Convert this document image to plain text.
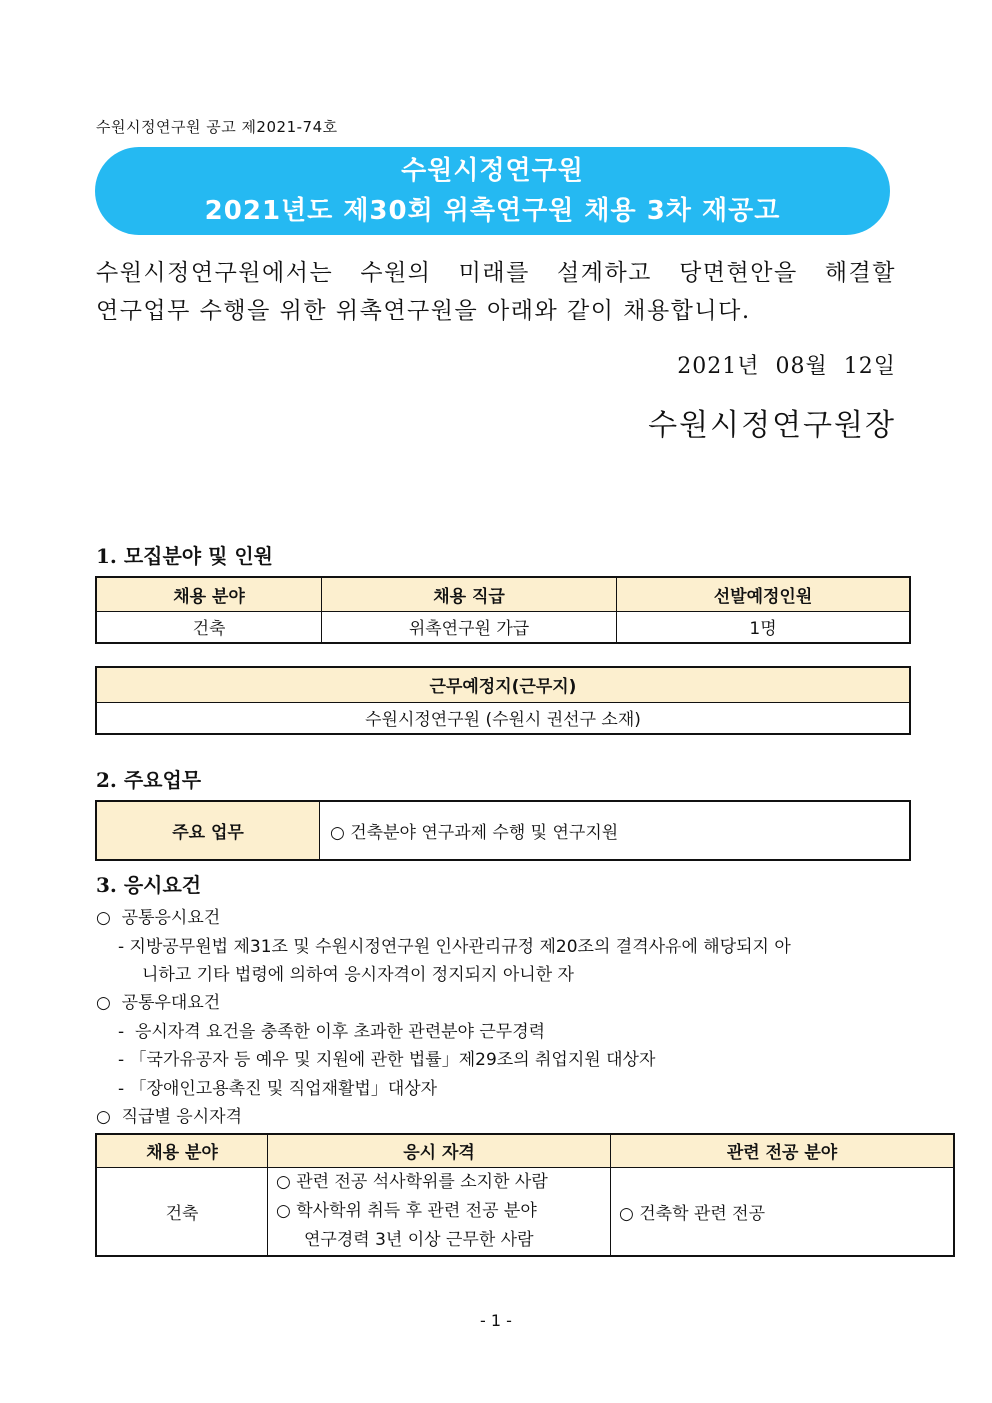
수원시정연구원 공고 제2021-74호
수원시정연구원
2021년도 제30회 위촉연구원 채용 3차 재공고
수원시정연구원에서는 수원의 미래를 설계하고 당면현안을 해결할
연구업무 수행을 위한 위촉연구원을 아래와 같이 채용합니다.
2021년  08월  12일
수원시정연구원장
1. 모집분야 및 인원
채용 분야	채용 직급	선발예정인원
건축	위촉연구원 가급	1명
근무예정지(근무지)
수원시정연구원 (수원시 권선구 소재)
2. 주요업무
주요 업무	○ 건축분야 연구과제 수행 및 연구지원
3. 응시요건
○  공통응시요건
- 지방공무원법 제31조 및 수원시정연구원 인사관리규정 제20조의 결격사유에 해당되지 아
니하고 기타 법령에 의하여 응시자격이 정지되지 아니한 자
○  공통우대요건
-  응시자격 요건을 충족한 이후 초과한 관련분야 근무경력
- 「국가유공자 등 예우 및 지원에 관한 법률」제29조의 취업지원 대상자
- 「장애인고용촉진 및 직업재활법」대상자
○  직급별 응시자격
채용 분야	응시 자격	관련 전공 분야
건축	○ 관련 전공 석사학위를 소지한 사람
○ 학사학위 취득 후 관련 전공 분야
연구경력 3년 이상 근무한 사람	○ 건축학 관련 전공
- 1 -
